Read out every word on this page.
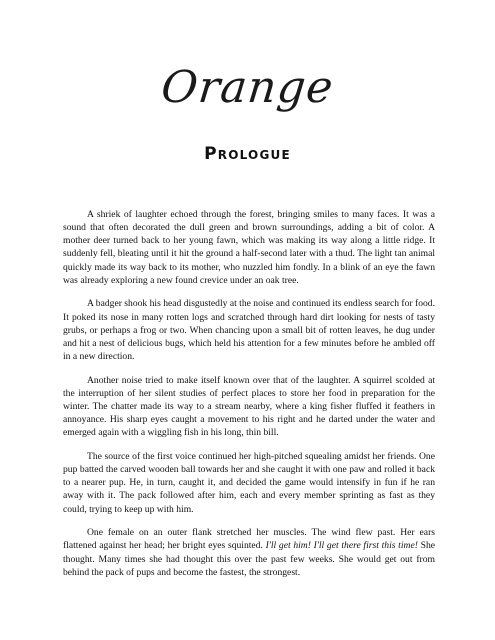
Orange
Prologue

A shriek of laughter echoed through the forest, bringing smiles to many faces. It was a sound that often decorated the dull green and brown surroundings, adding a bit of color. A mother deer turned back to her young fawn, which was making its way along a little ridge. It suddenly fell, bleating until it hit the ground a half-second later with a thud. The light tan animal quickly made its way back to its mother, who nuzzled him fondly. In a blink of an eye the fawn was already exploring a new found crevice under an oak tree.

A badger shook his head disgustedly at the noise and continued its endless search for food. It poked its nose in many rotten logs and scratched through hard dirt looking for nests of tasty grubs, or perhaps a frog or two. When chancing upon a small bit of rotten leaves, he dug under and hit a nest of delicious bugs, which held his attention for a few minutes before he ambled off in a new direction.

Another noise tried to make itself known over that of the laughter. A squirrel scolded at the interruption of her silent studies of perfect places to store her food in preparation for the winter. The chatter made its way to a stream nearby, where a king fisher fluffed it feathers in annoyance. His sharp eyes caught a movement to his right and he darted under the water and emerged again with a wiggling fish in his long, thin bill.

The source of the first voice continued her high-pitched squealing amidst her friends. One pup batted the carved wooden ball towards her and she caught it with one paw and rolled it back to a nearer pup. He, in turn, caught it, and decided the game would intensify in fun if he ran away with it. The pack followed after him, each and every member sprinting as fast as they could, trying to keep up with him.

One female on an outer flank stretched her muscles. The wind flew past. Her ears flattened against her head; her bright eyes squinted. I'll get him! I'll get there first this time! She thought. Many times she had thought this over the past few weeks. She would get out from behind the pack of pups and become the fastest, the strongest.
